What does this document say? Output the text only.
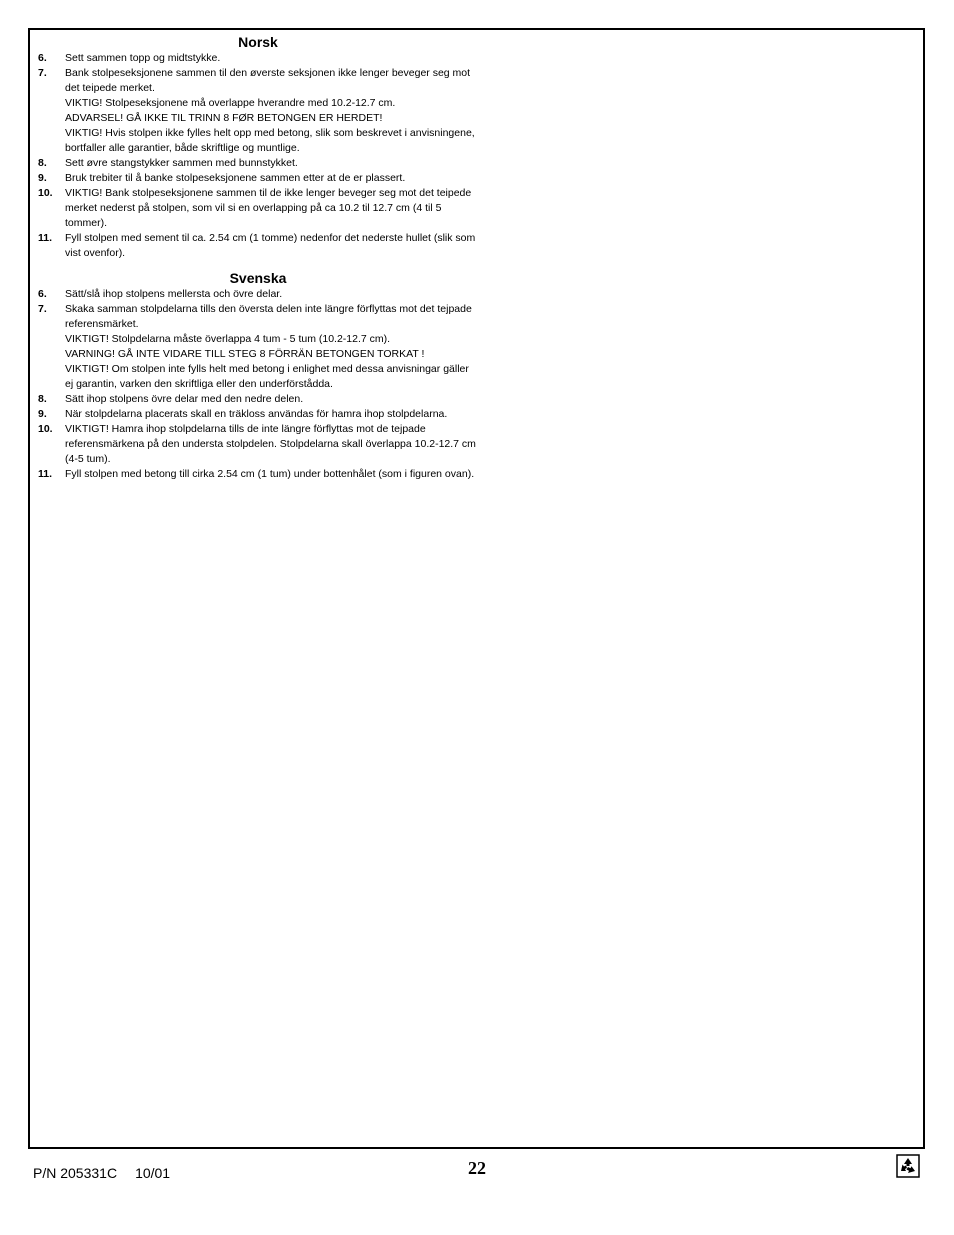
Norsk
6.	Sett sammen topp og midtstykke.
7.	Bank stolpeseksjonene sammen til den øverste seksjonen ikke lenger beveger seg mot det teipede merket.
VIKTIG! Stolpeseksjonene må overlappe hverandre med 10.2-12.7 cm.
ADVARSEL! GÅ IKKE TIL TRINN 8 FØR BETONGEN ER HERDET!
VIKTIG! Hvis stolpen ikke fylles helt opp med betong, slik som beskrevet i anvisningene, bortfaller alle garantier, både skriftlige og muntlige.
8.	Sett øvre stangstykker sammen med bunnstykket.
9.	Bruk trebiter til å banke stolpeseksjonene sammen etter at de er plassert.
10.	VIKTIG! Bank stolpeseksjonene sammen til de ikke lenger beveger seg mot det teipede merket nederst på stolpen, som vil si en overlapping på ca 10.2 til 12.7 cm (4 til 5 tommer).
11.	Fyll stolpen med sement til ca. 2.54 cm (1 tomme) nedenfor det nederste hullet (slik som vist ovenfor).
Svenska
6.	Sätt/slå ihop stolpens mellersta och övre delar.
7.	Skaka samman stolpdelarna tills den översta delen inte längre förflyttas mot det tejpade referensmärket.
VIKTIGT! Stolpdelarna måste överlappa 4 tum - 5 tum (10.2-12.7 cm).
VARNING! GÅ INTE VIDARE TILL STEG 8 FÖRRÄN BETONGEN TORKAT !
VIKTIGT! Om stolpen inte fylls helt med betong i enlighet med dessa anvisningar gäller ej garantin, varken den skriftliga eller den underförstådda.
8.	Sätt ihop stolpens övre delar med den nedre delen.
9.	När stolpdelarna placerats skall en träkloss användas för hamra ihop stolpdelarna.
10.	VIKTIGT! Hamra ihop stolpdelarna tills de inte längre förflyttas mot de tejpade referensmärkena på den understa stolpdelen. Stolpdelarna skall överlappa 10.2-12.7 cm (4-5 tum).
11.	Fyll stolpen med betong till cirka 2.54 cm (1 tum) under bottenhålet (som i figuren ovan).
P/N 205331C 10/01	22
